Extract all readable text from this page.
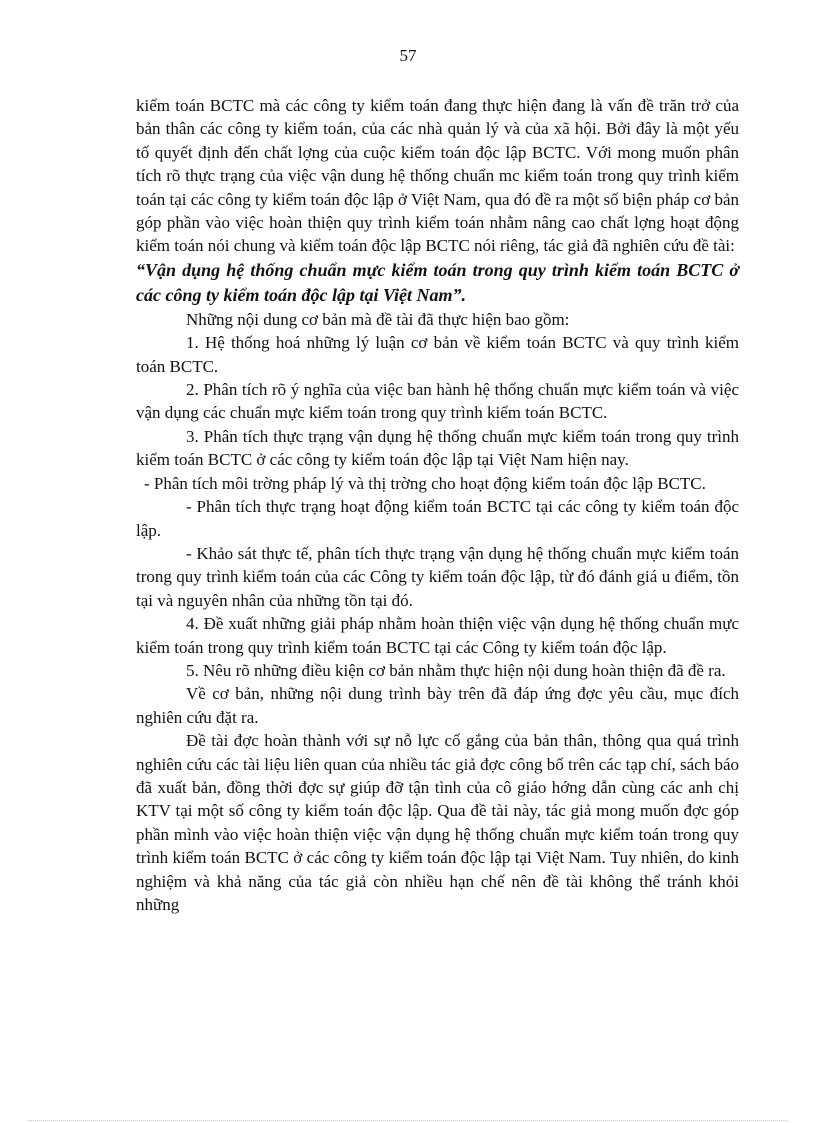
57

kiểm toán BCTC mà các công ty kiểm toán đang thực hiện đang là vấn đề trăn trở của bản thân các công ty kiểm toán, của các nhà quản lý và của xã hội. Bởi đây là một yếu tố quyết định đến chất lợng của cuộc kiểm toán độc lập BCTC. Với mong muốn phân tích rõ thực trạng của việc vận dung hệ thống chuẩn mc kiểm toán trong quy trình kiểm toán tại các công ty kiểm toán độc lập ở Việt Nam, qua đó đề ra một số biện pháp cơ bản góp phần vào việc hoàn thiện quy trình kiểm toán nhằm nâng cao chất lợng hoạt động kiểm toán nói chung và kiểm toán độc lập BCTC nói riêng, tác giả đã nghiên cứu đề tài:

“Vận dụng hệ thống chuẩn mực kiểm toán trong quy trình kiểm toán BCTC ở các công ty kiểm toán độc lập tại Việt Nam”.

Những nội dung cơ bản mà đề tài đã thực hiện bao gồm:

1. Hệ thống hoá những lý luận cơ bản về kiểm toán BCTC và quy trình kiểm toán BCTC.

2. Phân tích rõ ý nghĩa của việc ban hành hệ thống chuẩn mực kiểm toán và việc vận dụng các chuẩn mực kiểm toán trong quy trình kiểm toán BCTC.

3. Phân tích thực trạng vận dụng hệ thống chuẩn mực kiểm toán trong quy trình kiểm toán BCTC ở các công ty kiểm toán độc lập tại Việt Nam hiện nay.

- Phân tích môi trờng pháp lý và thị trờng cho hoạt động kiểm toán độc lập BCTC.

- Phân tích thực trạng hoạt động kiểm toán BCTC tại các công ty kiểm toán độc lập.

- Khảo sát thực tế, phân tích thực trạng vận dụng hệ thống chuẩn mực kiểm toán trong quy trình kiểm toán của các Công ty kiểm toán độc lập, từ đó đánh giá u điểm, tồn tại và nguyên nhân của những tồn tại đó.

4. Đề xuất những giải pháp nhằm hoàn thiện việc vận dụng hệ thống chuẩn mực kiểm toán trong quy trình kiểm toán BCTC tại các Công ty kiểm toán độc lập.

5. Nêu rõ những điều kiện cơ bản nhằm thực hiện nội dung hoàn thiện đã đề ra.

Về cơ bản, những nội dung trình bày trên đã đáp ứng đợc yêu cầu, mục đích nghiên cứu đặt ra.

Đề tài đợc hoàn thành với sự nỗ lực cố gắng của bản thân, thông qua quá trình nghiên cứu các tài liệu liên quan của nhiều tác giả đợc công bố trên các tạp chí, sách báo đã xuất bản, đồng thời đợc sự giúp đỡ tận tình của cô giáo hớng dẫn cùng các anh chị KTV tại một số công ty kiểm toán độc lập. Qua đề tài này, tác giả mong muốn đợc góp phần mình vào việc hoàn thiện việc vận dụng hệ thống chuẩn mực kiểm toán trong quy trình kiểm toán BCTC ở các công ty kiểm toán độc lập tại Việt Nam. Tuy nhiên, do kinh nghiệm và khả năng của tác giả còn nhiều hạn chế nên đề tài không thể tránh khỏi những
